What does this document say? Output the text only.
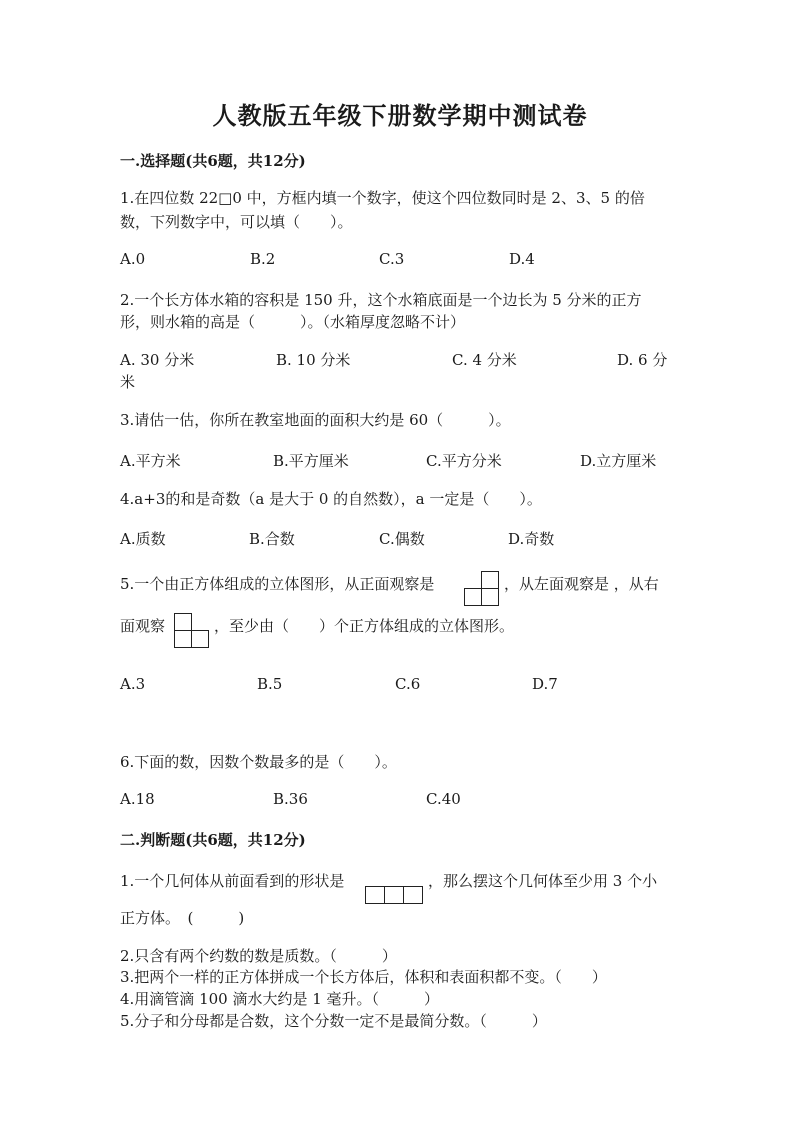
人教版五年级下册数学期中测试卷
一.选择题(共6题，共12分)
1.在四位数 22□0 中，方框内填一个数字，使这个四位数同时是 2、3、5 的倍
数，下列数字中，可以填（　　）。
A.0	B.2	C.3	D.4
2.一个长方体水箱的容积是 150 升，这个水箱底面是一个边长为 5 分米的正方
形，则水箱的高是（　　　）。（水箱厚度忽略不计）
A. 30 分米	B. 10 分米	C. 4 分米	D. 6 分
米
3.请估一估，你所在教室地面的面积大约是 60（　　　）。
A.平方米	B.平方厘米	C.平方分米	D.立方厘米
4.a+3的和是奇数（a 是大于 0 的自然数），a 一定是（　　）。
A.质数	B.合数	C.偶数	D.奇数
5.一个由正方体组成的立体图形，从正面观察是	，从左面观察是 ，从右
面观察	，至少由（　　）个正方体组成的立体图形。
A.3	B.5	C.6	D.7
6.下面的数，因数个数最多的是（　　）。
A.18	B.36	C.40
二.判断题(共6题，共12分)
1.一个几何体从前面看到的形状是	，那么摆这个几何体至少用 3 个小
正方体。　(　　　)
2.只含有两个约数的数是质数。（　　　）
3.把两个一样的正方体拼成一个长方体后，体积和表面积都不变。（　　）
4.用滴管滴 100 滴水大约是 1 毫升。（　　　）
5.分子和分母都是合数，这个分数一定不是最简分数。（　　　）
